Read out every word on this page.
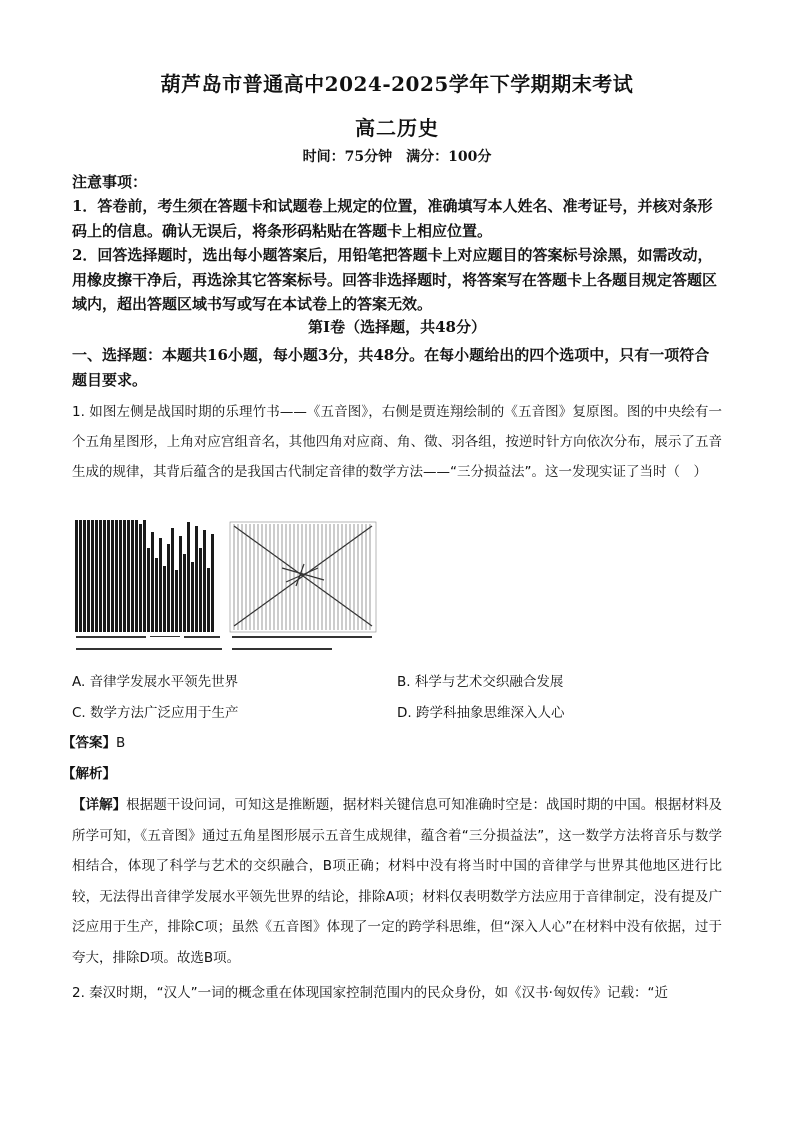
葫芦岛市普通高中2024-2025学年下学期期末考试
高二历史
时间：75分钟 满分：100分
注意事项：
1．答卷前，考生须在答题卡和试题卷上规定的位置，准确填写本人姓名、准考证号，并核对条形码上的信息。确认无误后，将条形码粘贴在答题卡上相应位置。
2．回答选择题时，选出每小题答案后，用铅笔把答题卡上对应题目的答案标号涂黑，如需改动，用橡皮擦干净后，再选涂其它答案标号。回答非选择题时，将答案写在答题卡上各题目规定答题区域内，超出答题区域书写或写在本试卷上的答案无效。
第Ⅰ卷（选择题，共48分）
一、选择题：本题共16小题，每小题3分，共48分。在每小题给出的四个选项中，只有一项符合题目要求。
1. 如图左侧是战国时期的乐理竹书——《五音图》，右侧是贾连翔绘制的《五音图》复原图。图的中央绘有一个五角星图形，上角对应宫组音名，其他四角对应商、角、徵、羽各组，按逆时针方向依次分布，展示了五音生成的规律，其背后蕴含的是我国古代制定音律的数学方法——“三分损益法”。这一发现实证了当时（　）
A. 音律学发展水平领先世界	B. 科学与艺术交织融合发展
C. 数学方法广泛应用于生产	D. 跨学科抽象思维深入人心
【答案】B
【解析】
【详解】根据题干设问词，可知这是推断题，据材料关键信息可知准确时空是：战国时期的中国。根据材料及所学可知，《五音图》通过五角星图形展示五音生成规律，蕴含着“三分损益法”，这一数学方法将音乐与数学相结合，体现了科学与艺术的交织融合，B项正确；材料中没有将当时中国的音律学与世界其他地区进行比较，无法得出音律学发展水平领先世界的结论，排除A项；材料仅表明数学方法应用于音律制定，没有提及广泛应用于生产，排除C项；虽然《五音图》体现了一定的跨学科思维，但“深入人心”在材料中没有依据，过于夸大，排除D项。故选B项。
2. 秦汉时期，“汉人”一词的概念重在体现国家控制范围内的民众身份，如《汉书·匈奴传》记载：“近
